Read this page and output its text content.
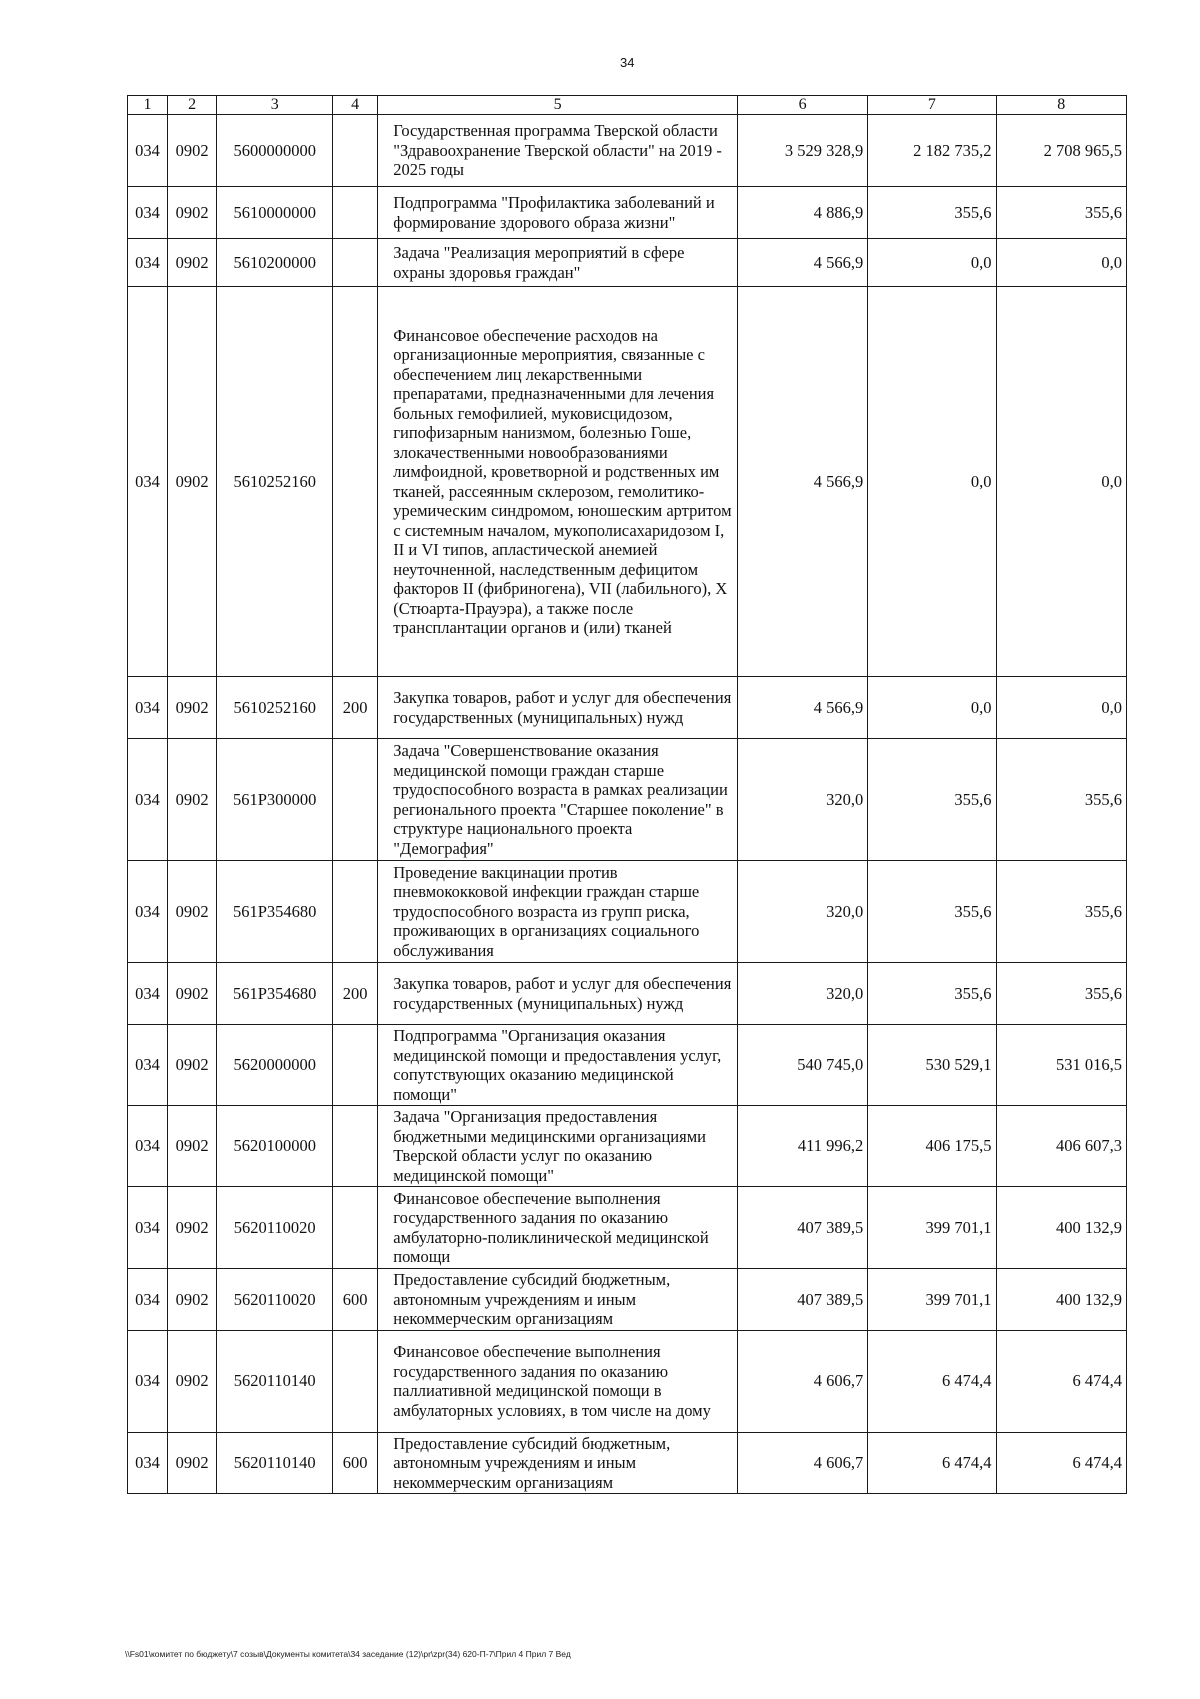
34
1	2	3	4	5	6	7	8
034	0902	5600000000		Государственная программа Тверской области "Здравоохранение Тверской области" на 2019 - 2025 годы	3 529 328,9	2 182 735,2	2 708 965,5
034	0902	5610000000		Подпрограмма "Профилактика заболеваний и формирование здорового образа жизни"	4 886,9	355,6	355,6
034	0902	5610200000		Задача "Реализация мероприятий в сфере охраны здоровья граждан"	4 566,9	0,0	0,0
034	0902	5610252160		Финансовое обеспечение расходов на организационные мероприятия, связанные с обеспечением лиц лекарственными препаратами, предназначенными для лечения больных гемофилией, муковисцидозом, гипофизарным нанизмом, болезнью Гоше, злокачественными новообразованиями лимфоидной, кроветворной и родственных им тканей, рассеянным склерозом, гемолитико-уремическим синдромом, юношеским артритом с системным началом, мукополисахаридозом I, II и VI типов, апластической анемией неуточненной, наследственным дефицитом факторов II (фибриногена), VII (лабильного), X (Стюарта-Прауэра), а также после трансплантации органов и (или) тканей	4 566,9	0,0	0,0
034	0902	5610252160	200	Закупка товаров, работ и услуг для обеспечения государственных (муниципальных) нужд	4 566,9	0,0	0,0
034	0902	561P300000		Задача "Совершенствование оказания медицинской помощи граждан старше трудоспособного возраста в рамках реализации регионального проекта "Старшее поколение" в структуре национального проекта "Демография"	320,0	355,6	355,6
034	0902	561P354680		Проведение вакцинации против пневмококковой инфекции граждан старше трудоспособного возраста из групп риска, проживающих в организациях социального обслуживания	320,0	355,6	355,6
034	0902	561P354680	200	Закупка товаров, работ и услуг для обеспечения государственных (муниципальных) нужд	320,0	355,6	355,6
034	0902	5620000000		Подпрограмма "Организация оказания медицинской помощи и предоставления услуг, сопутствующих оказанию медицинской помощи"	540 745,0	530 529,1	531 016,5
034	0902	5620100000		Задача "Организация предоставления бюджетными медицинскими организациями Тверской области услуг по оказанию медицинской помощи"	411 996,2	406 175,5	406 607,3
034	0902	5620110020		Финансовое обеспечение выполнения государственного задания по оказанию амбулаторно-поликлинической медицинской помощи	407 389,5	399 701,1	400 132,9
034	0902	5620110020	600	Предоставление субсидий бюджетным, автономным учреждениям и иным некоммерческим организациям	407 389,5	399 701,1	400 132,9
034	0902	5620110140		Финансовое обеспечение выполнения государственного задания по оказанию паллиативной медицинской помощи в амбулаторных условиях, в том числе на дому	4 606,7	6 474,4	6 474,4
034	0902	5620110140	600	Предоставление субсидий бюджетным, автономным учреждениям и иным некоммерческим организациям	4 606,7	6 474,4	6 474,4
\\Fs01\комитет по бюджету\7 созыв\Документы комитета\34 заседание (12)\pr\zpr(34) 620-П-7\Прил 4 Прил 7 Вед
